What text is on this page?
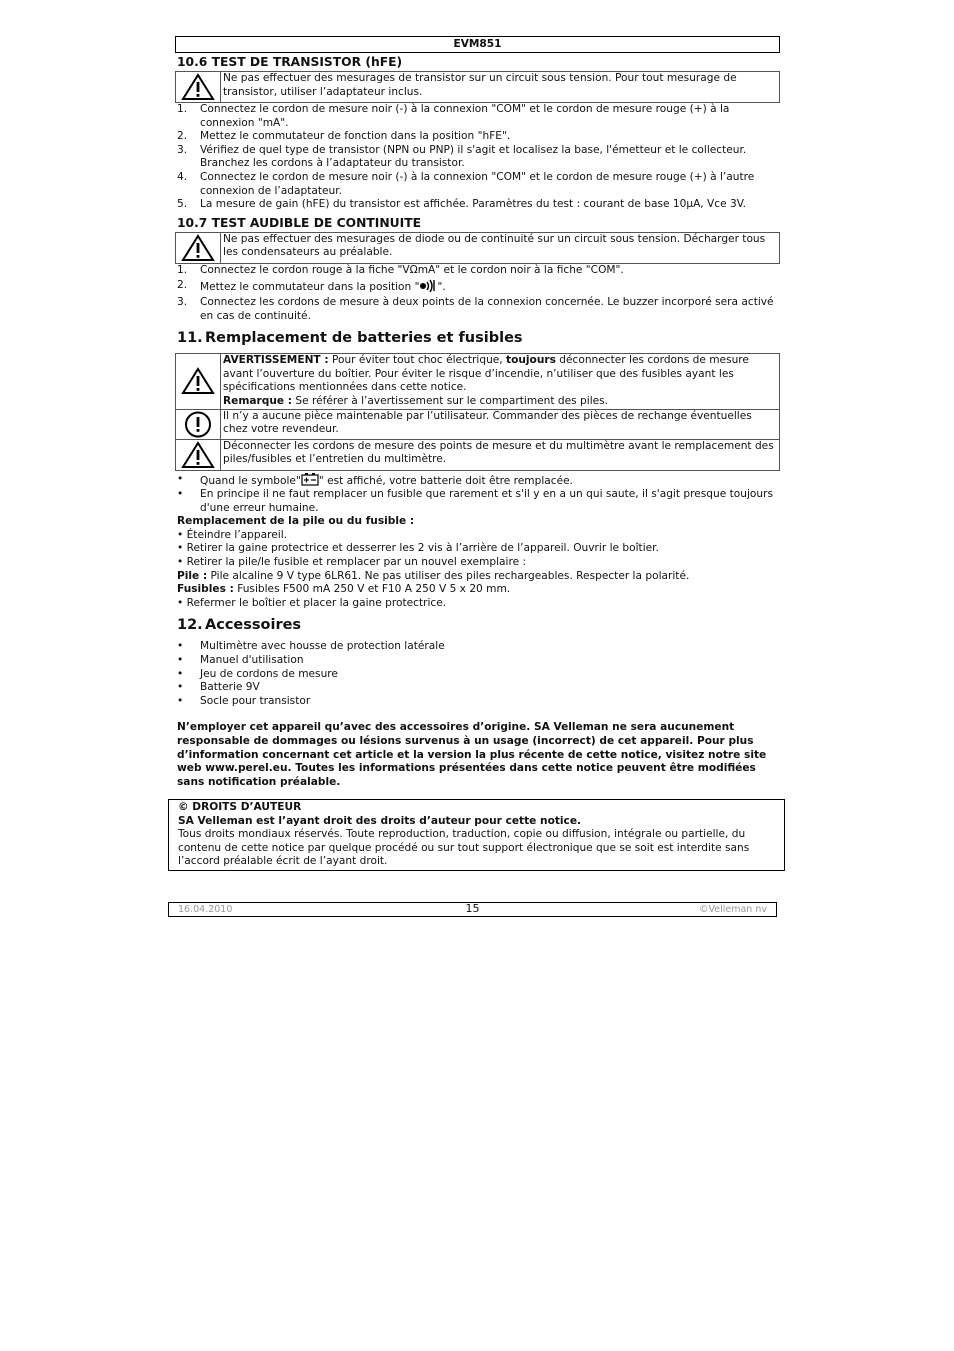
EVM851
10.6 TEST DE TRANSISTOR (hFE)
	Ne pas effectuer des mesurages de transistor sur un circuit sous tension. Pour tout mesurage de transistor, utiliser l’adaptateur inclus.
1. Connectez le cordon de mesure noir (-) à la connexion "COM" et le cordon de mesure rouge (+) à la connexion "mA".
2. Mettez le commutateur de fonction dans la position "hFE".
3. Vérifiez de quel type de transistor (NPN ou PNP) il s'agit et localisez la base, l'émetteur et le collecteur. Branchez les cordons à l’adaptateur du transistor.
4. Connectez le cordon de mesure noir (-) à la connexion "COM" et le cordon de mesure rouge (+) à l’autre connexion de l’adaptateur.
5. La mesure de gain (hFE) du transistor est affichée. Paramètres du test : courant de base 10µA, Vce 3V.
10.7 TEST AUDIBLE DE CONTINUITE
	Ne pas effectuer des mesurages de diode ou de continuité sur un circuit sous tension. Décharger tous les condensateurs au préalable.
1. Connectez le cordon rouge à la fiche "VΩmA" et le cordon noir à la fiche "COM".
2. Mettez le commutateur dans la position " ".
3. Connectez les cordons de mesure à deux points de la connexion concernée. Le buzzer incorporé sera activé en cas de continuité.
11. Remplacement de batteries et fusibles
	AVERTISSEMENT : Pour éviter tout choc électrique, toujours déconnecter les cordons de mesure avant l’ouverture du boîtier. Pour éviter le risque d’incendie, n’utiliser que des fusibles ayant les spécifications mentionnées dans cette notice.
Remarque : Se référer à l’avertissement sur le compartiment des piles.

	Il n’y a aucune pièce maintenable par l’utilisateur. Commander des pièces de rechange éventuelles chez votre revendeur.

	Déconnecter les cordons de mesure des points de mesure et du multimètre avant le remplacement des piles/fusibles et l’entretien du multimètre.
• Quand le symbole" " est affiché, votre batterie doit être remplacée.
• En principe il ne faut remplacer un fusible que rarement et s'il y en a un qui saute, il s'agit presque toujours d'une erreur humaine.

Remplacement de la pile ou du fusible :

• Éteindre l’appareil.

• Retirer la gaine protectrice et desserrer les 2 vis à l’arrière de l’appareil. Ouvrir le boîtier.

• Retirer la pile/le fusible et remplacer par un nouvel exemplaire :

Pile : Pile alcaline 9 V type 6LR61. Ne pas utiliser des piles rechargeables. Respecter la polarité.

Fusibles : Fusibles F500 mA 250 V et F10 A 250 V 5 x 20 mm.

• Refermer le boîtier et placer la gaine protectrice.

12. Accessoires
• Multimètre avec housse de protection latérale
• Manuel d'utilisation
• Jeu de cordons de mesure
• Batterie 9V
• Socle pour transistor

N’employer cet appareil qu’avec des accessoires d’origine. SA Velleman ne sera aucunement responsable de dommages ou lésions survenus à un usage (incorrect) de cet appareil. Pour plus d’information concernant cet article et la version la plus récente de cette notice, visitez notre site web www.perel.eu. Toutes les informations présentées dans cette notice peuvent être modifiées sans notification préalable.

© DROITS D’AUTEUR
SA Velleman est l’ayant droit des droits d’auteur pour cette notice.
Tous droits mondiaux réservés. Toute reproduction, traduction, copie ou diffusion, intégrale ou partielle, du contenu de cette notice par quelque procédé ou sur tout support électronique que se soit est interdite sans l’accord préalable écrit de l’ayant droit.
16.04.2010	15	©Velleman nv
